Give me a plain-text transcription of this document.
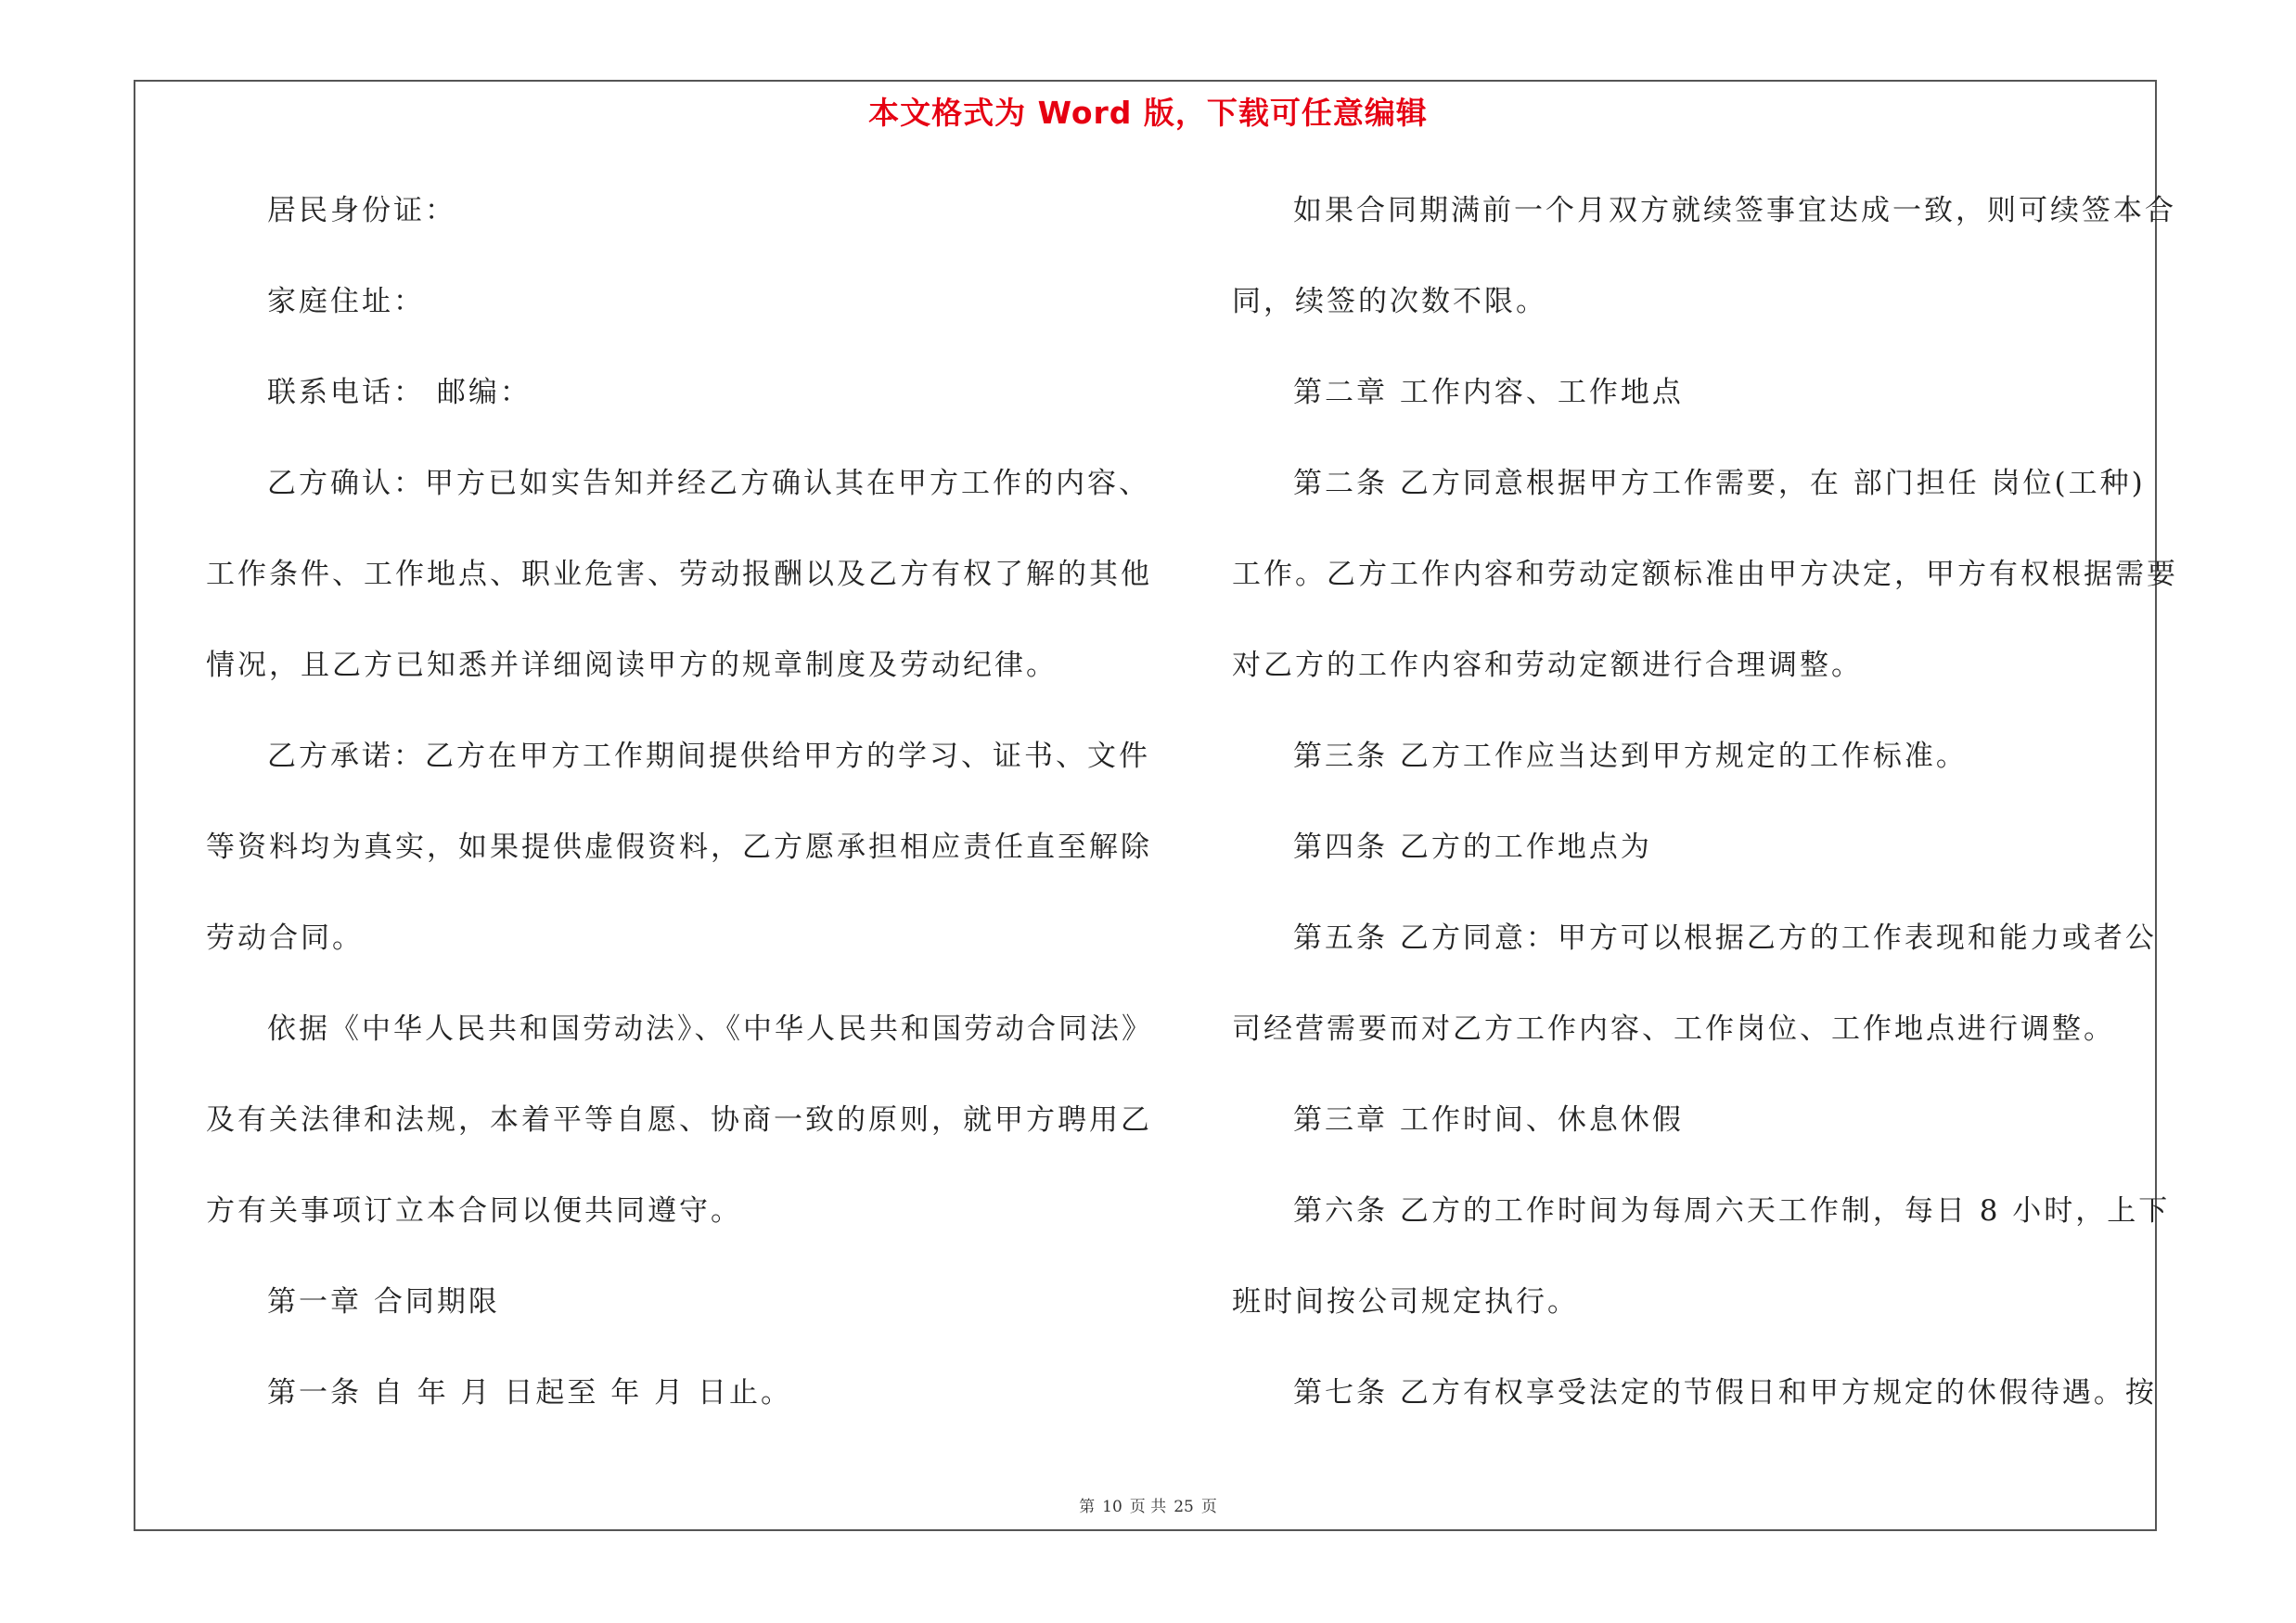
本文格式为 Word 版，下载可任意编辑
居民身份证：
家庭住址：
联系电话： 邮编：
乙方确认：甲方已如实告知并经乙方确认其在甲方工作的内容、
工作条件、工作地点、职业危害、劳动报酬以及乙方有权了解的其他
情况，且乙方已知悉并详细阅读甲方的规章制度及劳动纪律。
乙方承诺：乙方在甲方工作期间提供给甲方的学习、证书、文件
等资料均为真实，如果提供虚假资料，乙方愿承担相应责任直至解除
劳动合同。
依据《中华人民共和国劳动法》、《中华人民共和国劳动合同法》
及有关法律和法规，本着平等自愿、协商一致的原则，就甲方聘用乙
方有关事项订立本合同以便共同遵守。
第一章 合同期限
第一条 自 年 月 日起至 年 月 日止。
如果合同期满前一个月双方就续签事宜达成一致，则可续签本合
同，续签的次数不限。
第二章 工作内容、工作地点
第二条 乙方同意根据甲方工作需要，在 部门担任 岗位(工种)
工作。乙方工作内容和劳动定额标准由甲方决定，甲方有权根据需要
对乙方的工作内容和劳动定额进行合理调整。
第三条 乙方工作应当达到甲方规定的工作标准。
第四条 乙方的工作地点为
第五条 乙方同意：甲方可以根据乙方的工作表现和能力或者公
司经营需要而对乙方工作内容、工作岗位、工作地点进行调整。
第三章 工作时间、休息休假
第六条 乙方的工作时间为每周六天工作制，每日 8 小时，上下
班时间按公司规定执行。
第七条 乙方有权享受法定的节假日和甲方规定的休假待遇。按
第 10 页 共 25 页
